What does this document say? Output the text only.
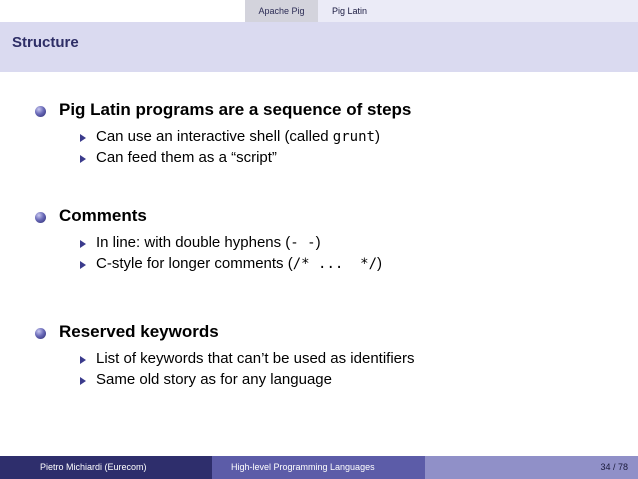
Apache Pig	Pig Latin
Structure
Pig Latin programs are a sequence of steps
Can use an interactive shell (called grunt)
Can feed them as a “script”
Comments
In line: with double hyphens (- -)
C-style for longer comments (/* ...  */)
Reserved keywords
List of keywords that can’t be used as identifiers
Same old story as for any language
Pietro Michiardi (Eurecom)	High-level Programming Languages	34 / 78
